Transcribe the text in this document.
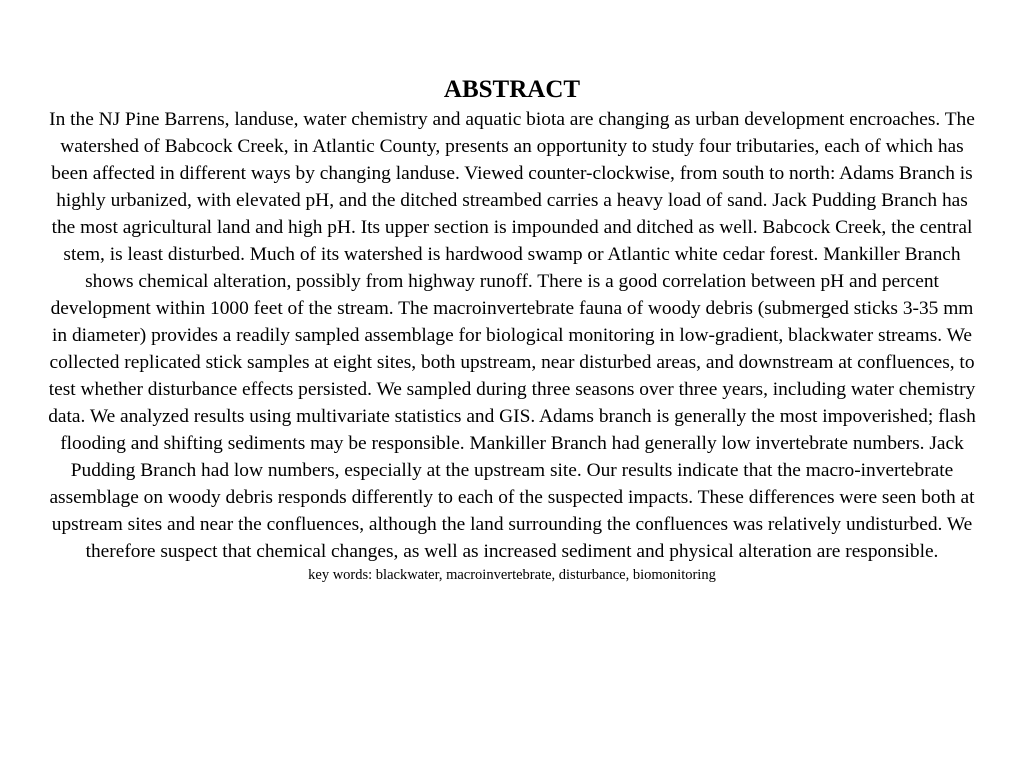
ABSTRACT

In the NJ Pine Barrens, landuse, water chemistry and aquatic biota are changing as urban development encroaches. The watershed of Babcock Creek, in Atlantic County, presents an opportunity to study four tributaries, each of which has been affected in different ways by changing landuse. Viewed counter-clockwise, from south to north: Adams Branch is highly urbanized, with elevated pH, and the ditched streambed carries a heavy load of sand. Jack Pudding Branch has the most agricultural land and high pH. Its upper section is impounded and ditched as well. Babcock Creek, the central stem, is least disturbed. Much of its watershed is hardwood swamp or Atlantic white cedar forest. Mankiller Branch shows chemical alteration, possibly from highway runoff. There is a good correlation between pH and percent development within 1000 feet of the stream. The macroinvertebrate fauna of woody debris (submerged sticks 3-35 mm in diameter) provides a readily sampled assemblage for biological monitoring in low-gradient, blackwater streams. We collected replicated stick samples at eight sites, both upstream, near disturbed areas, and downstream at confluences, to test whether disturbance effects persisted. We sampled during three seasons over three years, including water chemistry data. We analyzed results using multivariate statistics and GIS. Adams branch is generally the most impoverished; flash flooding and shifting sediments may be responsible. Mankiller Branch had generally low invertebrate numbers. Jack Pudding Branch had low numbers, especially at the upstream site. Our results indicate that the macro-invertebrate assemblage on woody debris responds differently to each of the suspected impacts. These differences were seen both at upstream sites and near the confluences, although the land surrounding the confluences was relatively undisturbed. We therefore suspect that chemical changes, as well as increased sediment and physical alteration are responsible.

key words: blackwater, macroinvertebrate, disturbance, biomonitoring
